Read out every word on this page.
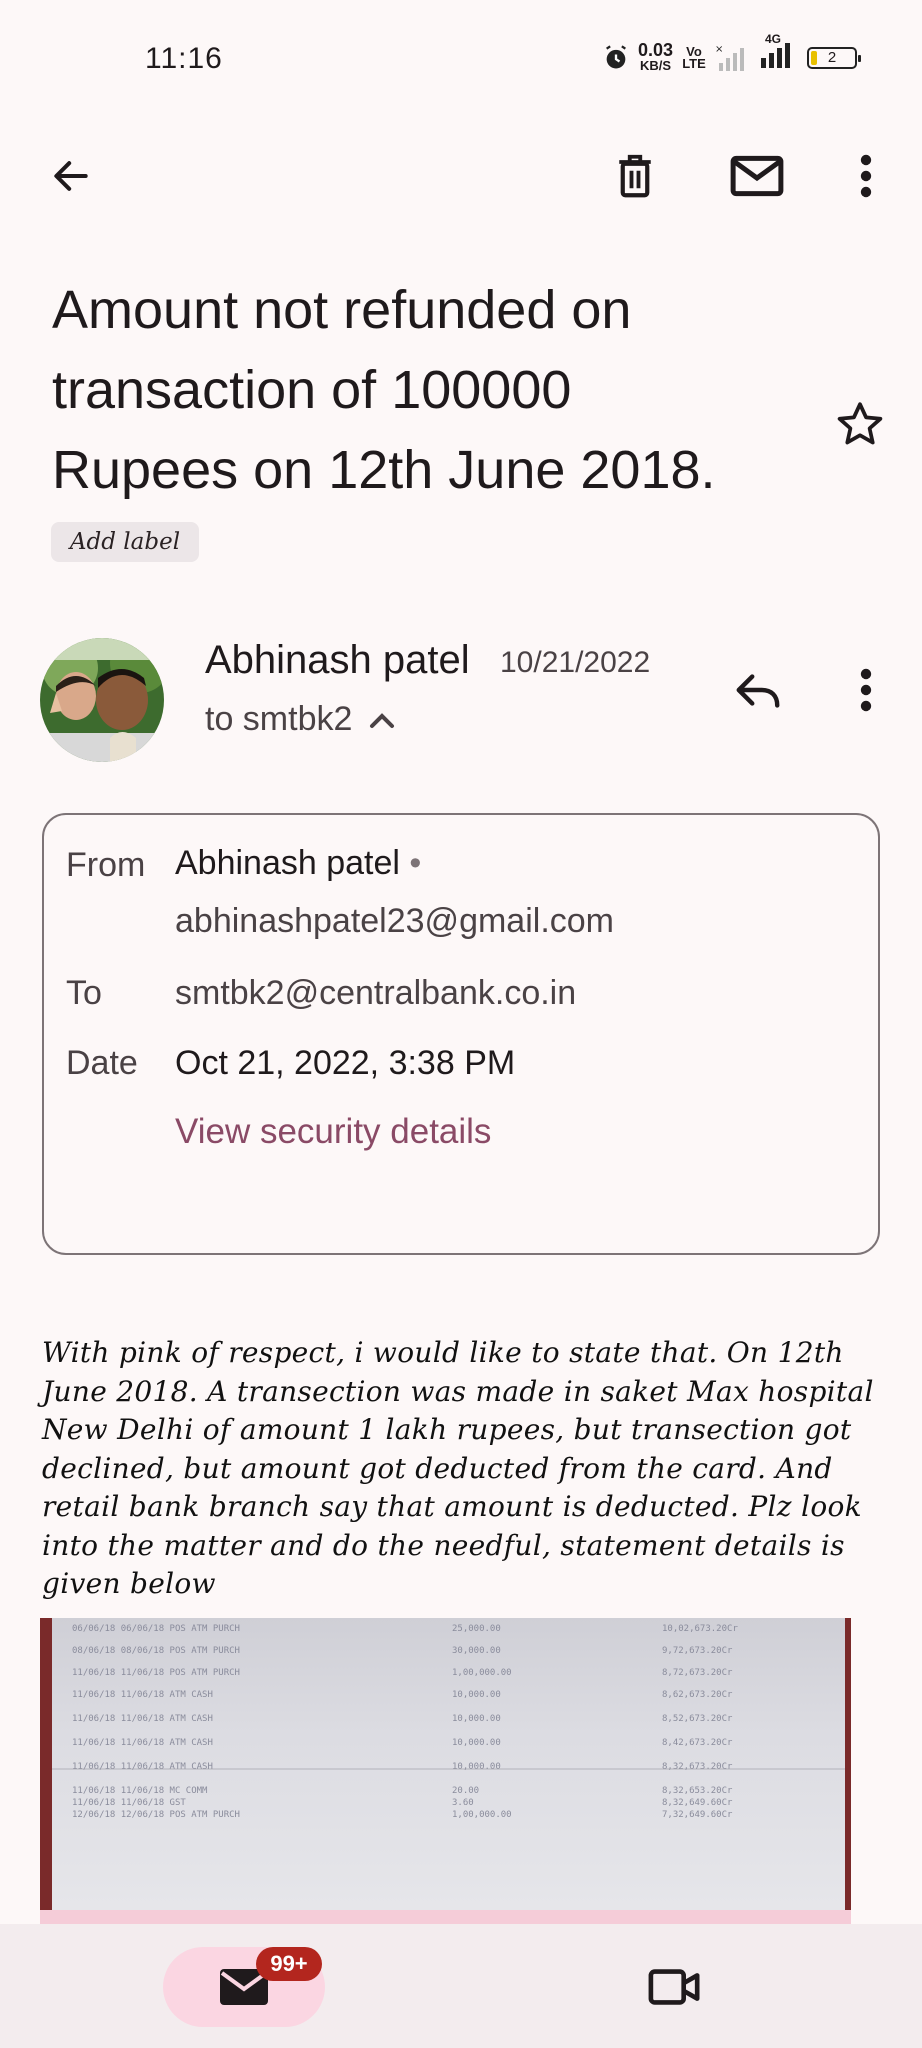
11:16	0.03
KB/S
Vo LTE
×
4G
2
Amount not refunded on transaction of 100000 Rupees on 12th June 2018.
Add label
Abhinash patel 10/21/2022
to smtbk2
From Abhinash patel • abhinashpatel23@gmail.com
To smtbk2@centralbank.co.in
Date Oct 21, 2022, 3:38 PM
View security details
With pink of respect, i would like to state that. On 12th June 2018. A transection was made in saket Max hospital New Delhi of amount 1 lakh rupees, but transection got declined, but amount got deducted from the card. And retail bank branch say that amount is deducted. Plz look into the matter and do the needful, statement details is given below
06/06/18 06/06/18 POS ATM PURCH	25,000.00	10,02,673.20Cr
08/06/18 08/06/18 POS ATM PURCH	30,000.00	9,72,673.20Cr
11/06/18 11/06/18 POS ATM PURCH	1,00,000.00	8,72,673.20Cr
11/06/18 11/06/18 ATM CASH	10,000.00	8,62,673.20Cr
11/06/18 11/06/18 ATM CASH	10,000.00	8,52,673.20Cr
11/06/18 11/06/18 ATM CASH	10,000.00	8,42,673.20Cr
11/06/18 11/06/18 ATM CASH	10,000.00	8,32,673.20Cr
11/06/18 11/06/18 MC COMM	20.00	8,32,653.20Cr
11/06/18 11/06/18 GST	3.60	8,32,649.60Cr
12/06/18 12/06/18 POS ATM PURCH	1,00,000.00	7,32,649.60Cr
99+
